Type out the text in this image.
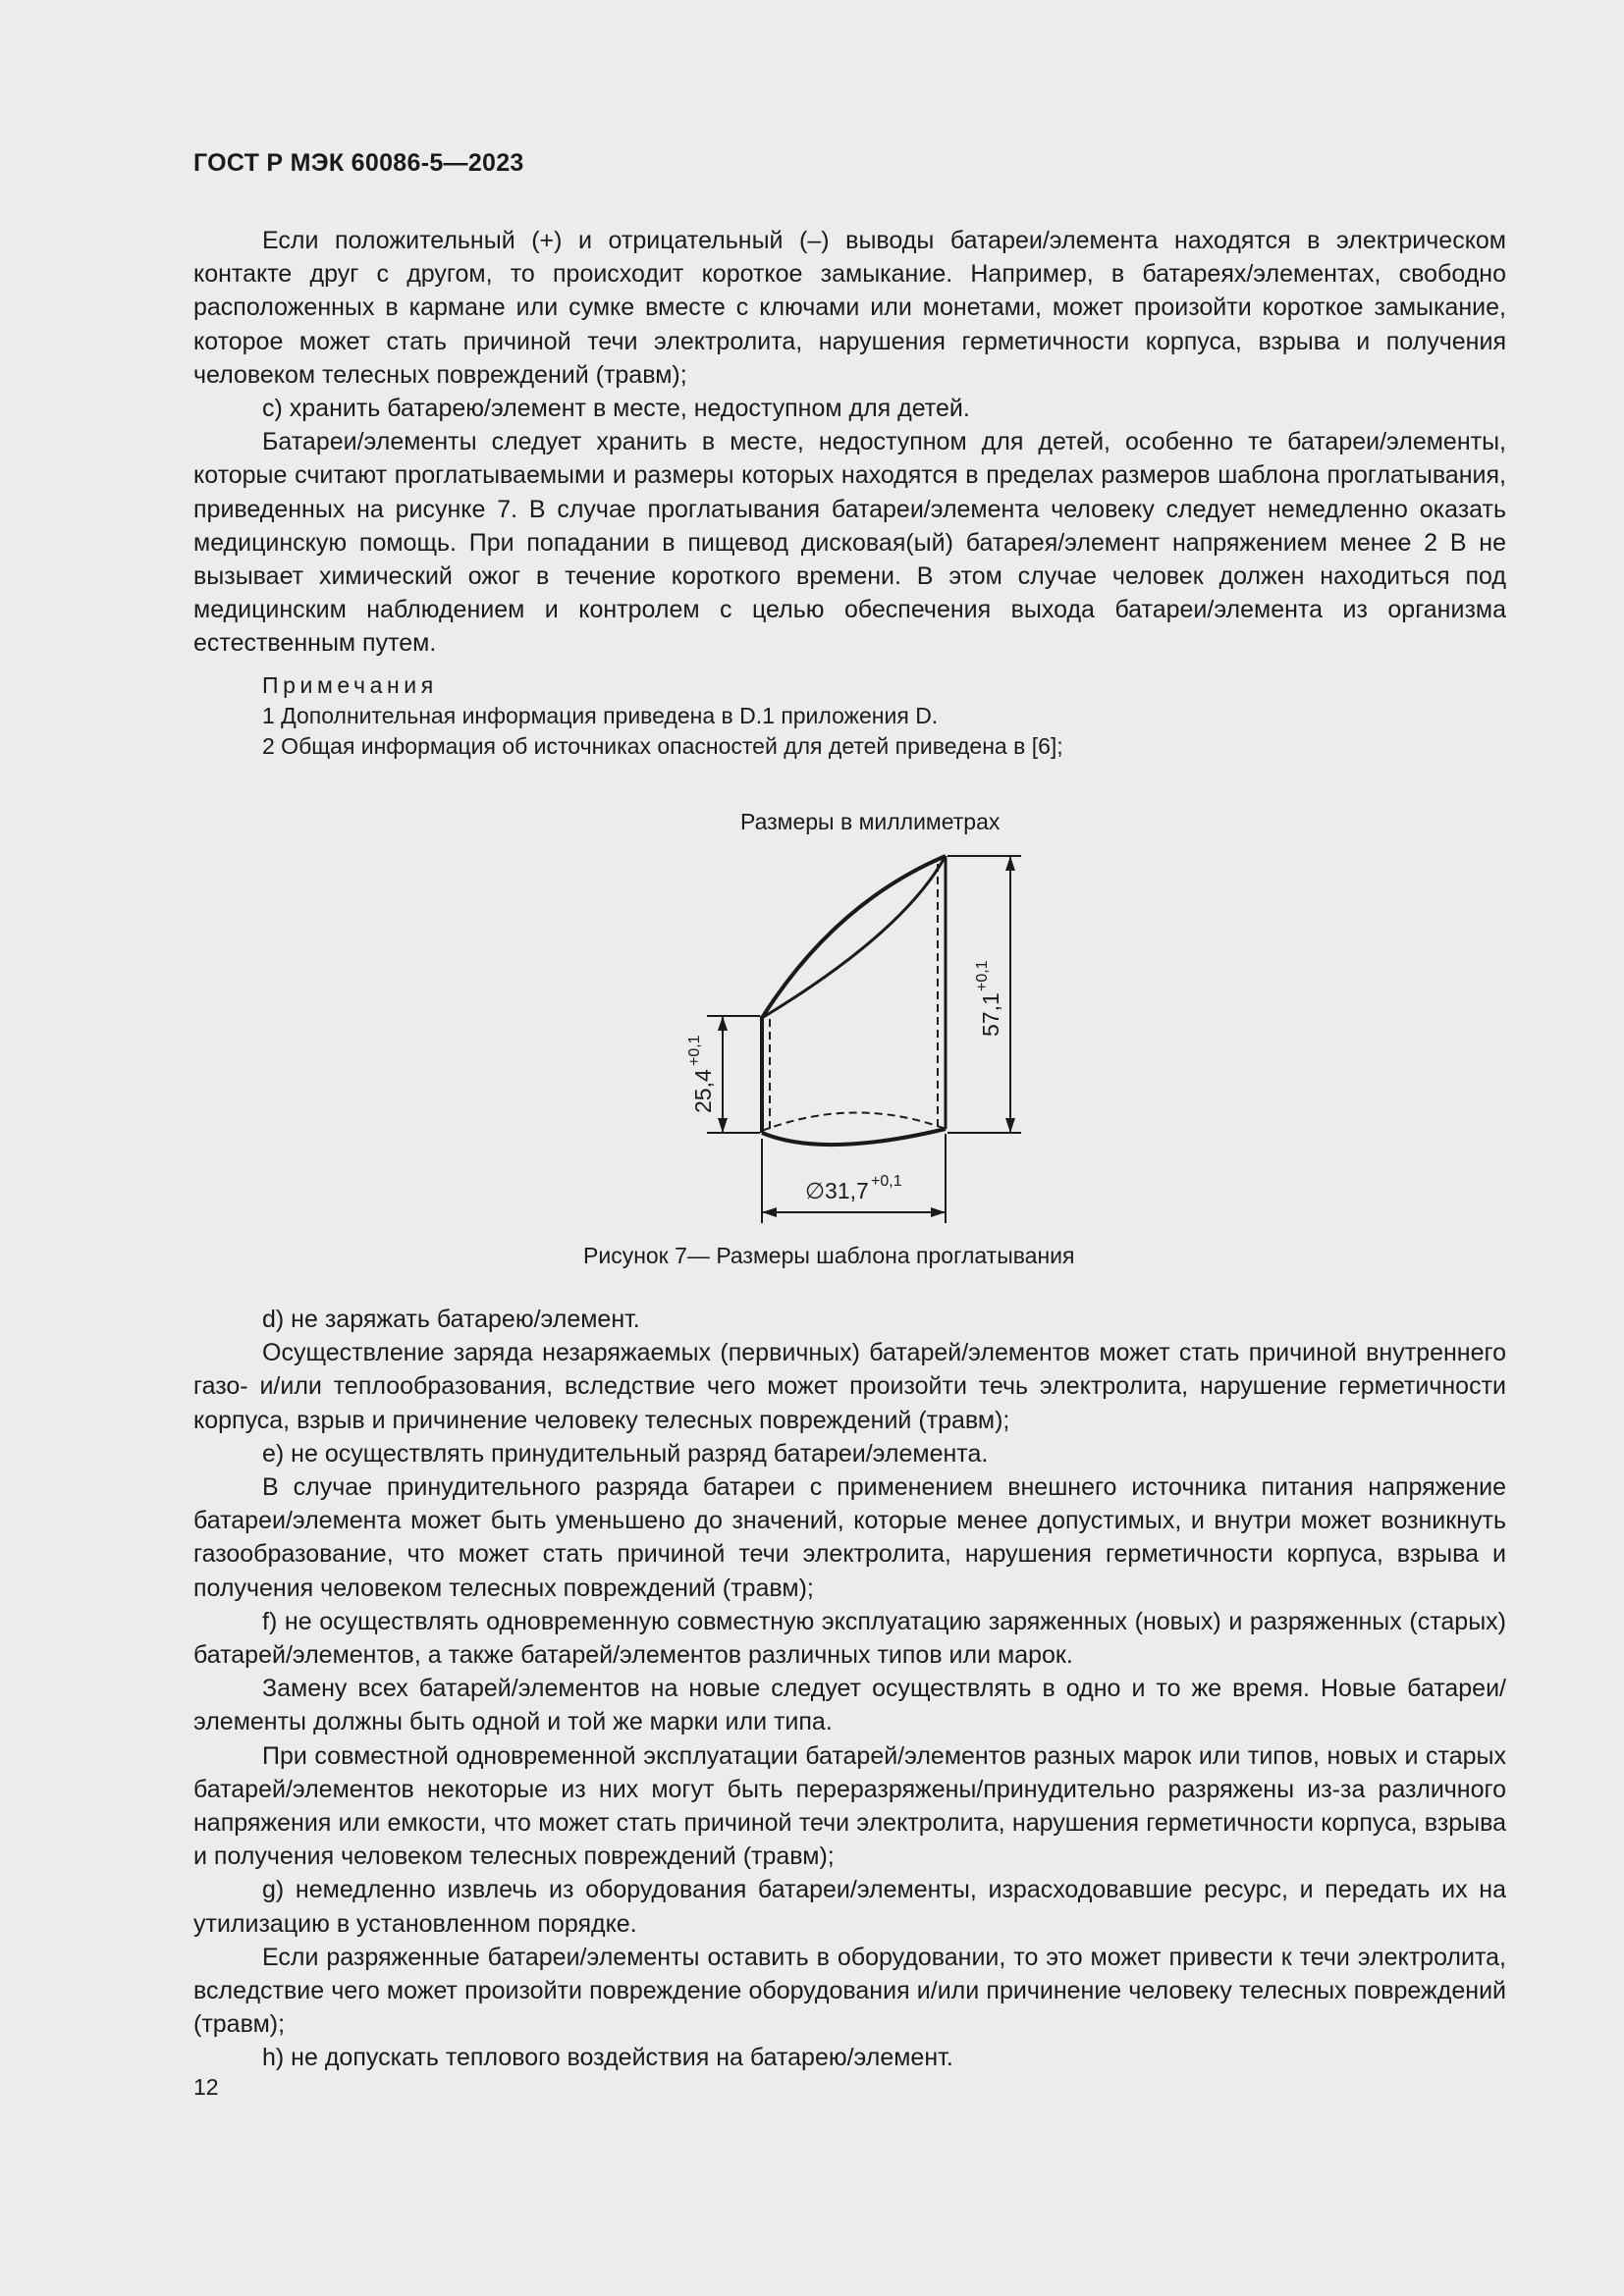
ГОСТ Р МЭК 60086-5—2023

Если положительный (+) и отрицательный (–) выводы батареи/элемента находятся в электрическом контакте друг с другом, то происходит короткое замыкание. Например, в батареях/элементах, свободно расположенных в кармане или сумке вместе с ключами или монетами, может произойти короткое замыкание, которое может стать причиной течи электролита, нарушения герметичности корпуса, взрыва и получения человеком телесных повреждений (травм);

c) хранить батарею/элемент в месте, недоступном для детей.

Батареи/элементы следует хранить в месте, недоступном для детей, особенно те батареи/элементы, которые считают проглатываемыми и размеры которых находятся в пределах размеров шаблона проглатывания, приведенных на рисунке 7. В случае проглатывания батареи/элемента человеку следует немедленно оказать медицинскую помощь. При попадании в пищевод дисковая(ый) батарея/элемент напряжением менее 2 В не вызывает химический ожог в течение короткого времени. В этом случае человек должен находиться под медицинским наблюдением и контролем с целью обеспечения выхода батареи/элемента из организма естественным путем.

Примечания
1 Дополнительная информация приведена в D.1 приложения D.
2 Общая информация об источниках опасностей для детей приведена в [6];
Размеры в миллиметрах
25,4
+0,1
57,1
+0,1
∅31,7 +0,1
Рисунок 7— Размеры шаблона проглатывания

d) не заряжать батарею/элемент.

Осуществление заряда незаряжаемых (первичных) батарей/элементов может стать причиной внутреннего газо- и/или теплообразования, вследствие чего может произойти течь электролита, нарушение герметичности корпуса, взрыв и причинение человеку телесных повреждений (травм);

e) не осуществлять принудительный разряд батареи/элемента.

В случае принудительного разряда батареи с применением внешнего источника питания напряжение батареи/элемента может быть уменьшено до значений, которые менее допустимых, и внутри может возникнуть газообразование, что может стать причиной течи электролита, нарушения герметичности корпуса, взрыва и получения человеком телесных повреждений (травм);

f) не осуществлять одновременную совместную эксплуатацию заряженных (новых) и разряженных (старых) батарей/элементов, а также батарей/элементов различных типов или марок.

Замену всех батарей/элементов на новые следует осуществлять в одно и то же время. Новые батареи/элементы должны быть одной и той же марки или типа.

При совместной одновременной эксплуатации батарей/элементов разных марок или типов, новых и старых батарей/элементов некоторые из них могут быть переразряжены/принудительно разряжены из-за различного напряжения или емкости, что может стать причиной течи электролита, нарушения герметичности корпуса, взрыва и получения человеком телесных повреждений (травм);

g) немедленно извлечь из оборудования батареи/элементы, израсходовавшие ресурс, и передать их на утилизацию в установленном порядке.

Если разряженные батареи/элементы оставить в оборудовании, то это может привести к течи электролита, вследствие чего может произойти повреждение оборудования и/или причинение человеку телесных повреждений (травм);

h) не допускать теплового воздействия на батарею/элемент.

12
